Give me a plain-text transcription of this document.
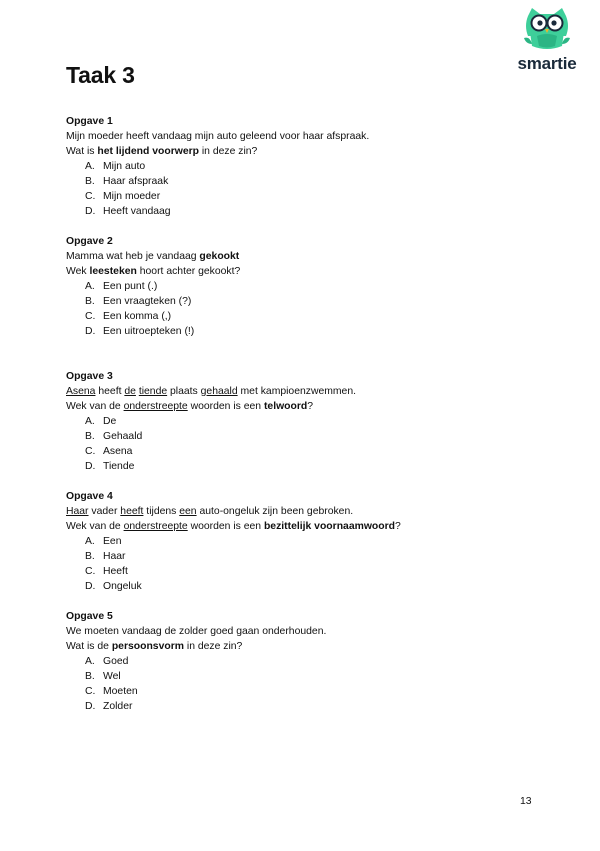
Taak 3	smartie
Opgave 1
Mijn moeder heeft vandaag mijn auto geleend voor haar afspraak.
Wat is het lijdend voorwerp in deze zin?
A. Mijn auto
B. Haar afspraak
C. Mijn moeder
D. Heeft vandaag
Opgave 2
Mamma wat heb je vandaag gekookt
Wek leesteken hoort achter gekookt?
A. Een punt (.)
B. Een vraagteken (?)
C. Een komma (,)
D. Een uitroepteken (!)
Opgave 3
Asena heeft de tiende plaats gehaald met kampioenzwemmen.
Wek van de onderstreepte woorden is een telwoord?
A. De
B. Gehaald
C. Asena
D. Tiende
Opgave 4
Haar vader heeft tijdens een auto-ongeluk zijn been gebroken.
Wek van de onderstreepte woorden is een bezittelijk voornaamwoord?
A. Een
B. Haar
C. Heeft
D. Ongeluk
Opgave 5
We moeten vandaag de zolder goed gaan onderhouden.
Wat is de persoonsvorm in deze zin?
A. Goed
B. Wel
C. Moeten
D. Zolder
13
